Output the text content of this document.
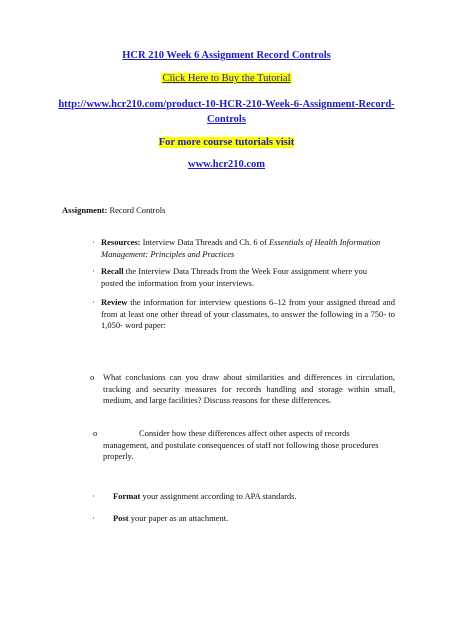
HCR 210 Week 6 Assignment Record Controls
Click Here to Buy the Tutorial
http://www.hcr210.com/product-10-HCR-210-Week-6-Assignment-Record-Controls
For more course tutorials visit
www.hcr210.com
Assignment: Record Controls
· Resources: Interview Data Threads and Ch. 6 of Essentials of Health Information Management: Principles and Practices
· Recall the Interview Data Threads from the Week Four assignment where you posted the information from your interviews.
· Review the information for interview questions 6–12 from your assigned thread and from at least one other thread of your classmates, to answer the following in a 750- to 1,050- word paper:
o What conclusions can you draw about similarities and differences in circulation, tracking and security measures for records handling and storage within small, medium, and large facilities? Discuss reasons for these differences.
o	Consider how these differences affect other aspects of records management, and postulate consequences of staff not following those procedures properly.
· Format your assignment according to APA standards.
· Post your paper as an attachment.
